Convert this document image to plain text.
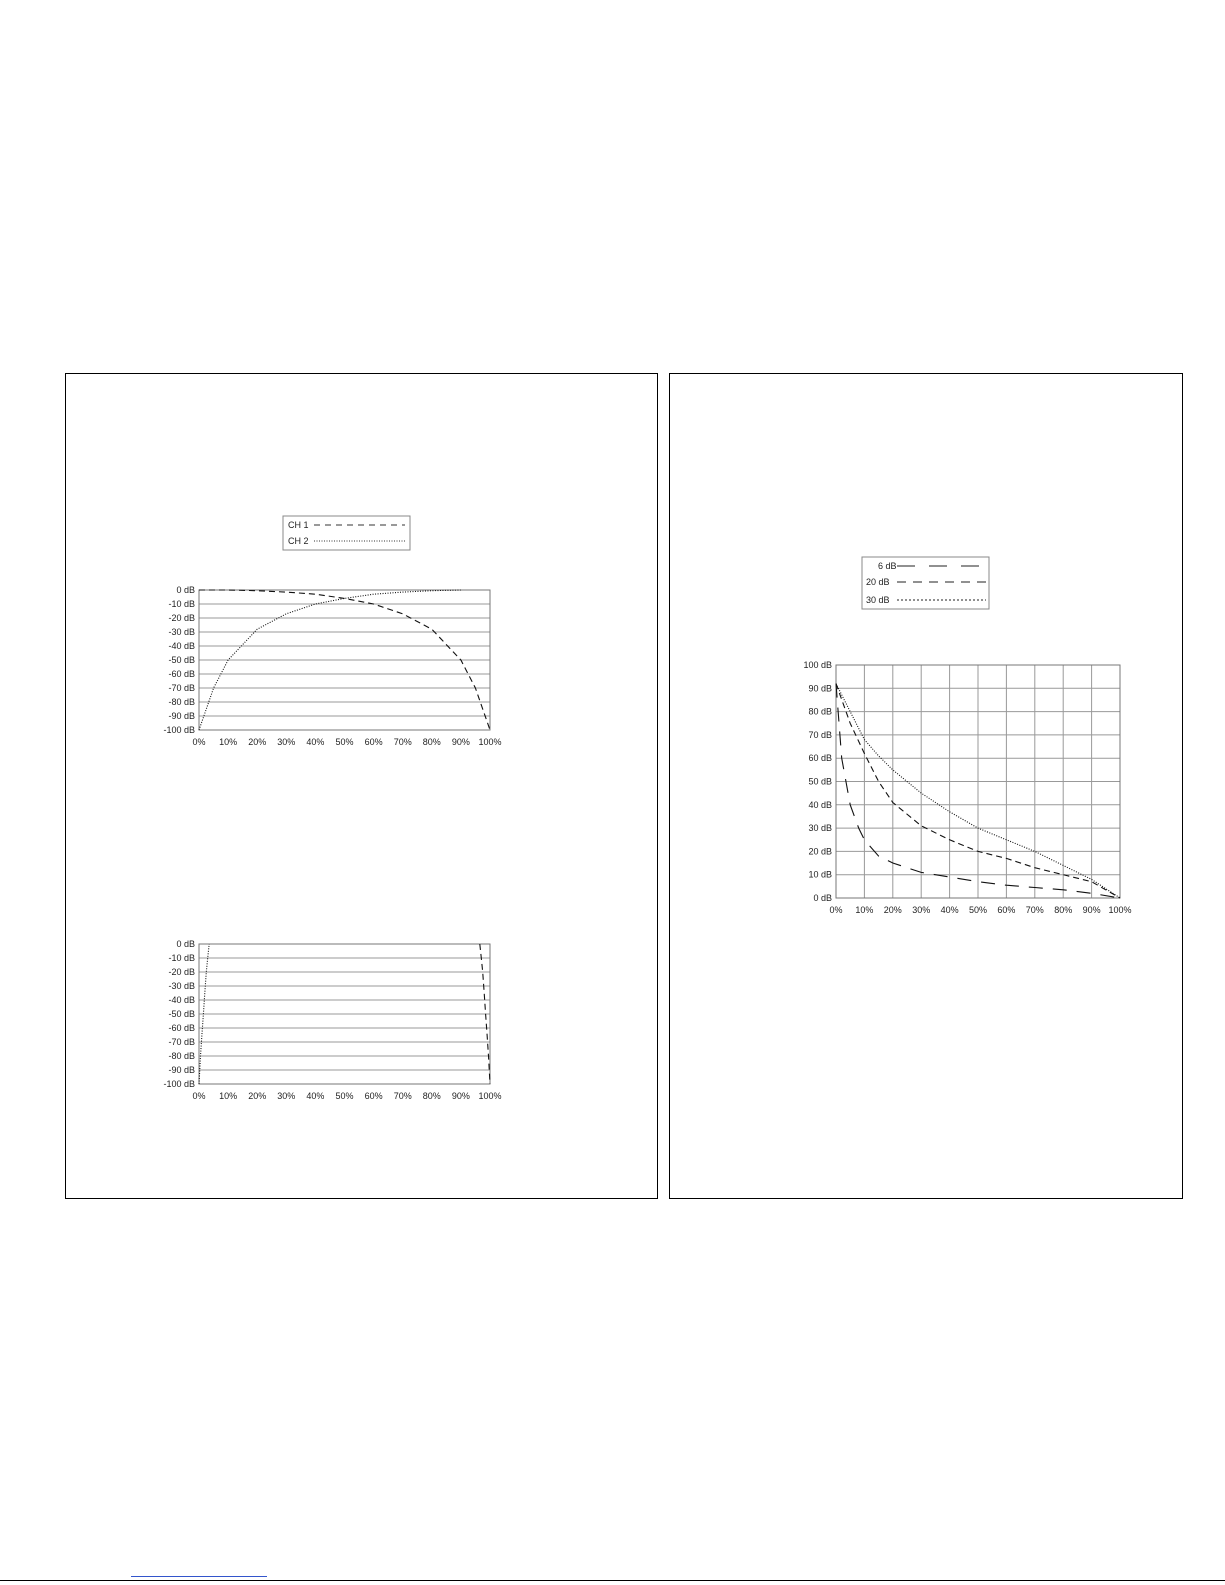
CH 1
CH 2
6 dB
20 dB
30 dB
0 dB
-10 dB
-20 dB
-30 dB
-40 dB
-50 dB
-60 dB
-70 dB
-80 dB
-90 dB
-100 dB
0% 10% 20% 30% 40% 50% 60% 70% 80% 90% 100%
0 dB
-10 dB
-20 dB
-30 dB
-40 dB
-50 dB
-60 dB
-70 dB
-80 dB
-90 dB
-100 dB
0% 10% 20% 30% 40% 50% 60% 70% 80% 90% 100%
100 dB
90 dB
80 dB
70 dB
60 dB
50 dB
40 dB
30 dB
20 dB
10 dB
0 dB
0% 10% 20% 30% 40% 50% 60% 70% 80% 90% 100%
